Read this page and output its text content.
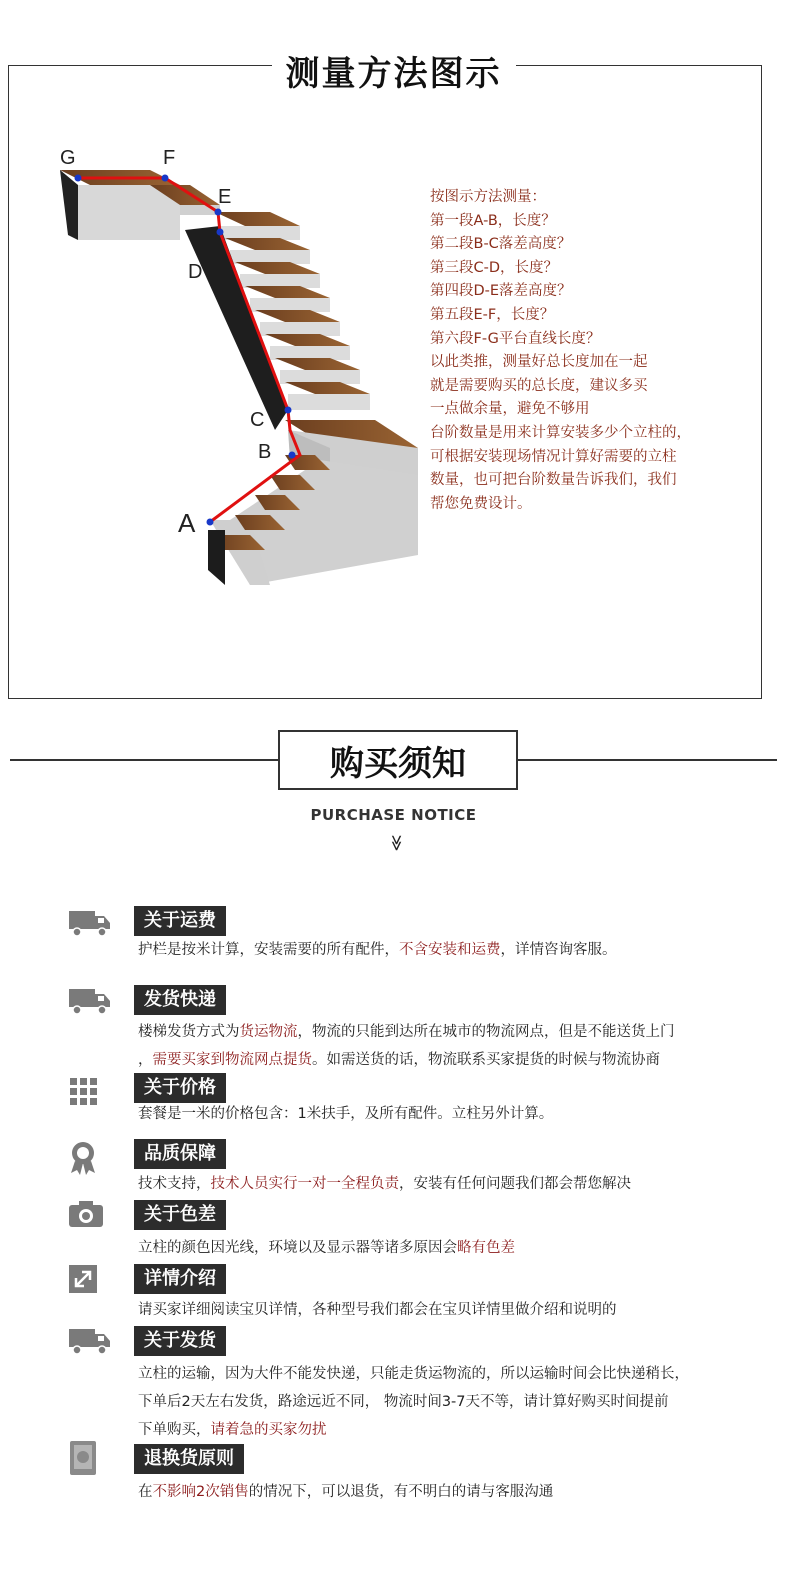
测量方法图示
G	F
E
D
C
B
A
按图示方法测量：
第一段A-B，长度？
第二段B-C落差高度？
第三段C-D，长度？
第四段D-E落差高度？
第五段E-F，长度？
第六段F-G平台直线长度？
以此类推，测量好总长度加在一起
就是需要购买的总长度，建议多买
一点做余量，避免不够用
台阶数量是用来计算安装多少个立柱的，
可根据安装现场情况计算好需要的立柱
数量，也可把台阶数量告诉我们，我们
帮您免费设计。
购买须知
PURCHASE NOTICE
≫
关于运费
护栏是按米计算，安装需要的所有配件，不含安装和运费，详情咨询客服。
发货快递
楼梯发货方式为货运物流，物流的只能到达所在城市的物流网点，但是不能送货上门
，需要买家到物流网点提货。如需送货的话，物流联系买家提货的时候与物流协商
关于价格
套餐是一米的价格包含：1米扶手，及所有配件。立柱另外计算。
品质保障
技术支持，技术人员实行一对一全程负责，安装有任何问题我们都会帮您解决
关于色差
立柱的颜色因光线，环境以及显示器等诸多原因会略有色差
详情介绍
请买家详细阅读宝贝详情，各种型号我们都会在宝贝详情里做介绍和说明的
关于发货
立柱的运输，因为大件不能发快递，只能走货运物流的，所以运输时间会比快递稍长，
下单后2天左右发货，路途远近不同， 物流时间3-7天不等，请计算好购买时间提前
下单购买，请着急的买家勿扰
退换货原则
在不影响2次销售的情况下，可以退货，有不明白的请与客服沟通
